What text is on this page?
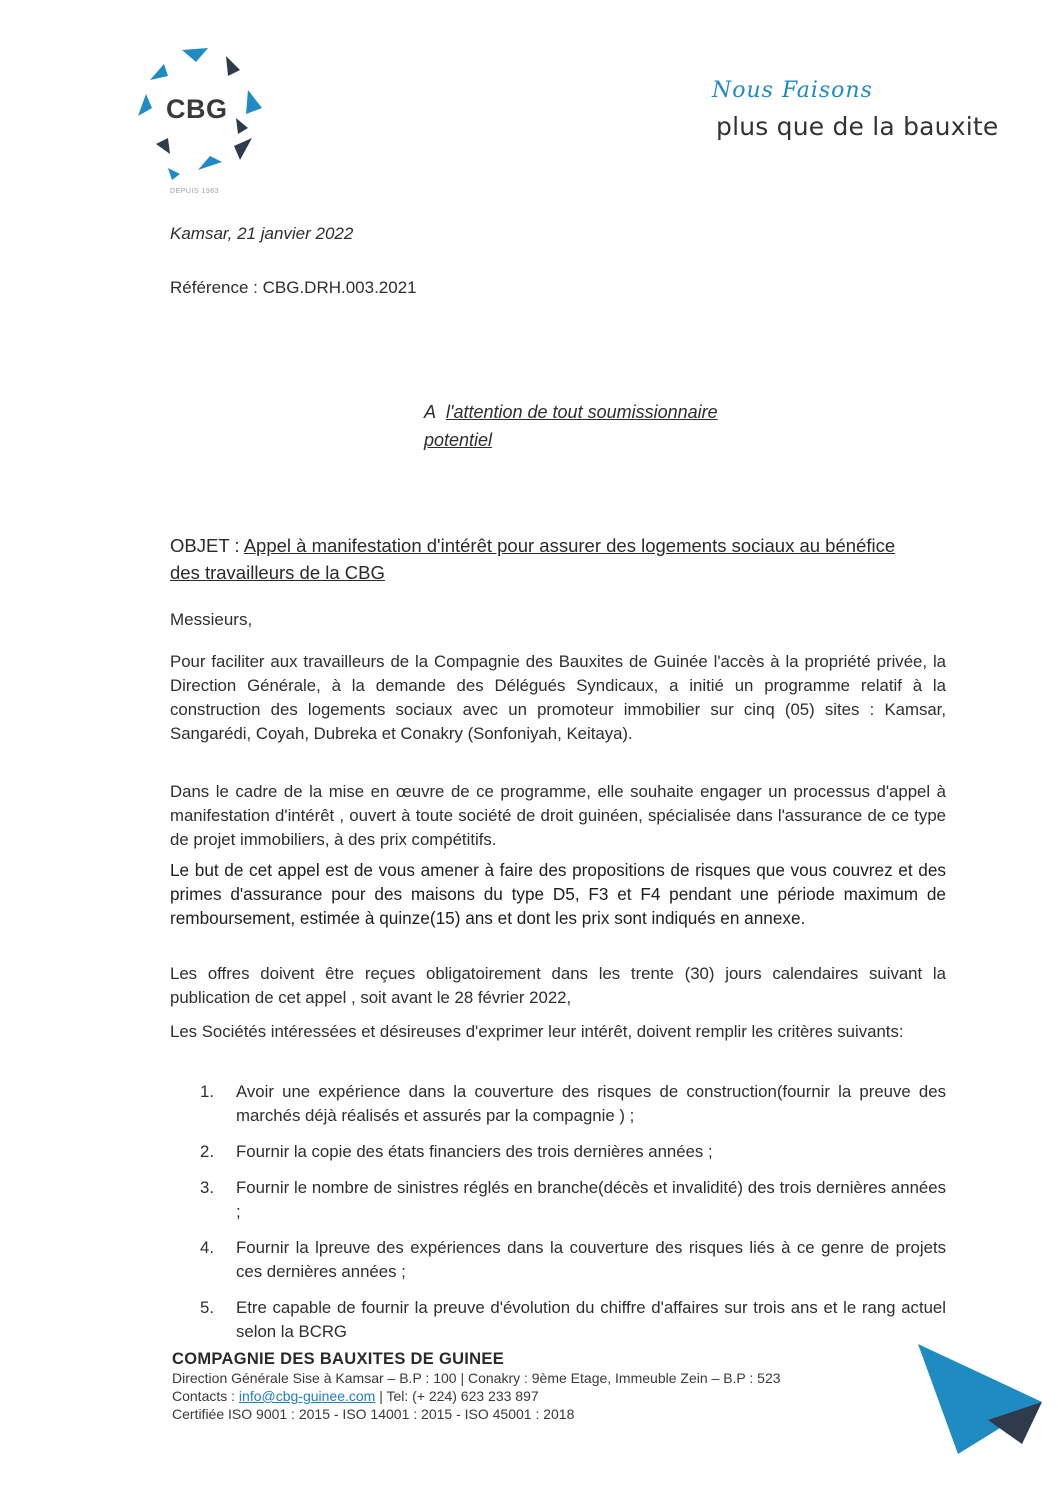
CBG
DEPUIS 1963
Nous Faisons
plus que de la bauxite
Kamsar, 21 janvier 2022
Référence : CBG.DRH.003.2021
A l'attention de tout soumissionnaire
potentiel
OBJET : Appel à manifestation d'intérêt pour assurer des logements sociaux au bénéfice des travailleurs de la CBG
Messieurs,
Pour faciliter aux travailleurs de la Compagnie des Bauxites de Guinée l'accès à la propriété privée, la Direction Générale, à la demande des Délégués Syndicaux, a initié un programme relatif à la construction des logements sociaux avec un promoteur immobilier sur cinq (05) sites : Kamsar, Sangarédi, Coyah, Dubreka et Conakry (Sonfoniyah, Keitaya).
Dans le cadre de la mise en œuvre de ce programme, elle souhaite engager un processus d'appel à manifestation d'intérêt , ouvert à toute société de droit guinéen, spécialisée dans l'assurance de ce type de projet immobiliers, à des prix compétitifs.
Le but de cet appel est de vous amener à faire des propositions de risques que vous couvrez et des primes d'assurance pour des maisons du type D5, F3 et F4 pendant une période maximum de remboursement, estimée à quinze(15) ans et dont les prix sont indiqués en annexe.
Les offres doivent être reçues obligatoirement dans les trente (30) jours calendaires suivant la publication de cet appel , soit avant le 28 février 2022,
Les Sociétés intéressées et désireuses d'exprimer leur intérêt, doivent remplir les critères suivants:
1. Avoir une expérience dans la couverture des risques de construction(fournir la preuve des marchés déjà réalisés et assurés par la compagnie ) ;
2. Fournir la copie des états financiers des trois dernières années ;
3. Fournir le nombre de sinistres réglés en branche(décès et invalidité) des trois dernières années ;
4. Fournir la lpreuve des expériences dans la couverture des risques liés à ce genre de projets ces dernières années ;
5. Etre capable de fournir la preuve d'évolution du chiffre d'affaires sur trois ans et le rang actuel selon la BCRG
COMPAGNIE DES BAUXITES DE GUINEE
Direction Générale Sise à Kamsar – B.P : 100 | Conakry : 9ème Etage, Immeuble Zein – B.P : 523
Contacts : info@cbg-guinee.com | Tel: (+ 224) 623 233 897
Certifiée ISO 9001 : 2015 - ISO 14001 : 2015 - ISO 45001 : 2018
